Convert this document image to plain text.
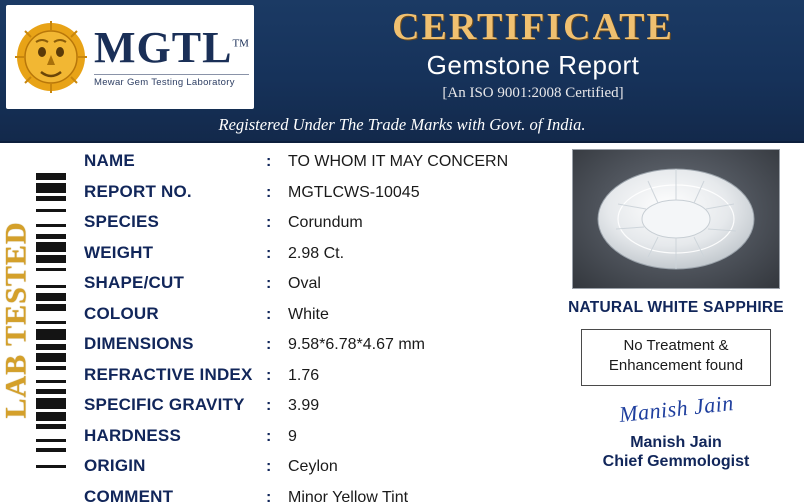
MGTL™
Mewar Gem Testing Laboratory
CERTIFICATE
Gemstone Report
[An ISO 9001:2008 Certified]
Registered Under The Trade Marks with Govt. of India.
LAB TESTED
NAME	:	TO WHOM IT MAY CONCERN
REPORT NO.	:	MGTLCWS-10045
SPECIES	:	Corundum
WEIGHT	:	2.98 Ct.
SHAPE/CUT	:	Oval
COLOUR	:	White
DIMENSIONS	:	9.58*6.78*4.67 mm
REFRACTIVE INDEX :	1.76
SPECIFIC GRAVITY	:	3.99
HARDNESS	:	9
ORIGIN	:	Ceylon
COMMENT	:	Minor Yellow Tint
NATURAL WHITE SAPPHIRE
No Treatment &
Enhancement found
Manish Jain
Manish Jain
Chief Gemmologist
